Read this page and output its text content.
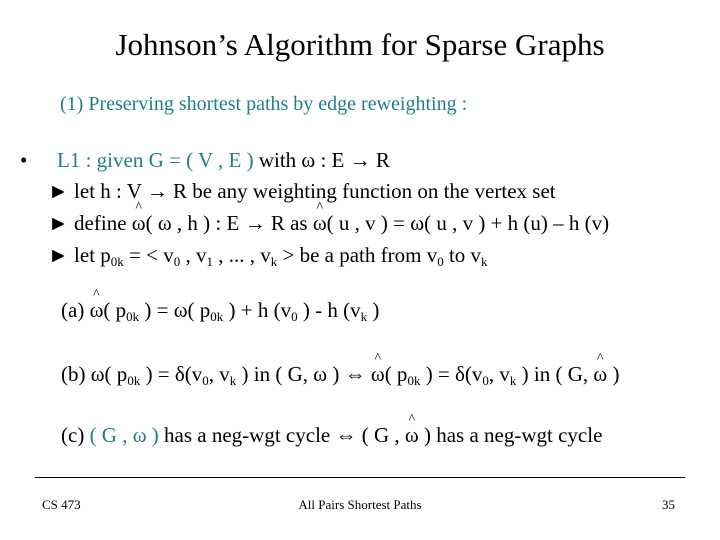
Johnson’s Algorithm for Sparse Graphs
(1) Preserving shortest paths by edge reweighting :
• L1 : given G = ( V , E ) with ω : E → R
► let h : V → R be any weighting function on the vertex set
► define ^ ω( ω , h ) : E → R as ^ ω( u , v ) = ω( u , v ) + h (u) – h (v)
► let $p_{0k}$ = < $v_0$ , $v_1$ , ... , $v_k$ > be a path from $v_0$ to $v_k$
(a) ^ ω( $p_{0k}$ ) = ω( $p_{0k}$ ) + h ($v_0$ ) - h ($v_k$ )
(b) ω( $p_{0k}$ ) = $\delta(v_0$, $v_k$ ) in ( G, ω ) ⇔ ^ ω( $p_{0k}$ ) = $\delta(v_0$, $v_k$ ) in ( G, ^ ω )
(c) ( G , ω ) has a neg-wgt cycle ⇔ ( G , ^ ω ) has a neg-wgt cycle
CS 473	All Pairs Shortest Paths	35
